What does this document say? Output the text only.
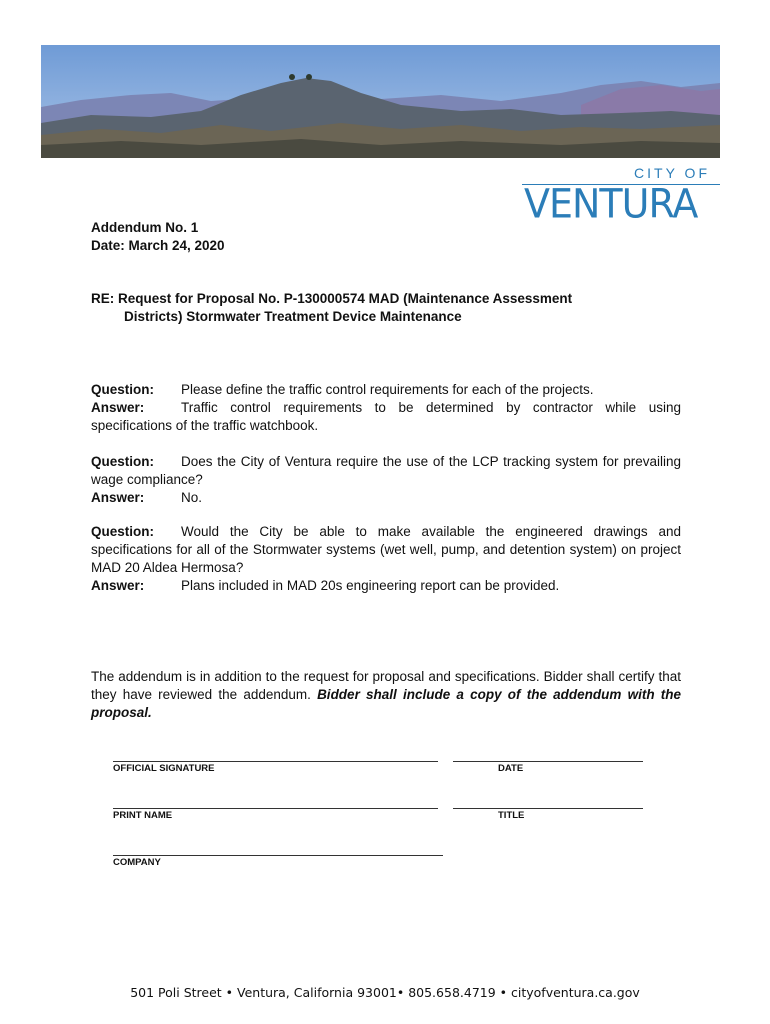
CITY OF
VENTURA
Addendum No. 1
Date: March 24, 2020
RE: Request for Proposal No. P-130000574 MAD (Maintenance Assessment
Districts) Stormwater Treatment Device Maintenance
Question: Please define the traffic control requirements for each of the projects.
Answer:	Traffic control requirements to be determined by contractor while using specifications of the traffic watchbook.
Question: Does the City of Ventura require the use of the LCP tracking system for prevailing wage compliance?
Answer:	No.
Question: Would the City be able to make available the engineered drawings and specifications for all of the Stormwater systems (wet well, pump, and detention system) on project MAD 20 Aldea Hermosa?
Answer:	Plans included in MAD 20s engineering report can be provided.
The addendum is in addition to the request for proposal and specifications. Bidder shall certify that they have reviewed the addendum. Bidder shall include a copy of the addendum with the proposal.
OFFICIAL SIGNATURE	DATE
PRINT NAME	TITLE
COMPANY
501 Poli Street • Ventura, California 93001• 805.658.4719 • cityofventura.ca.gov
